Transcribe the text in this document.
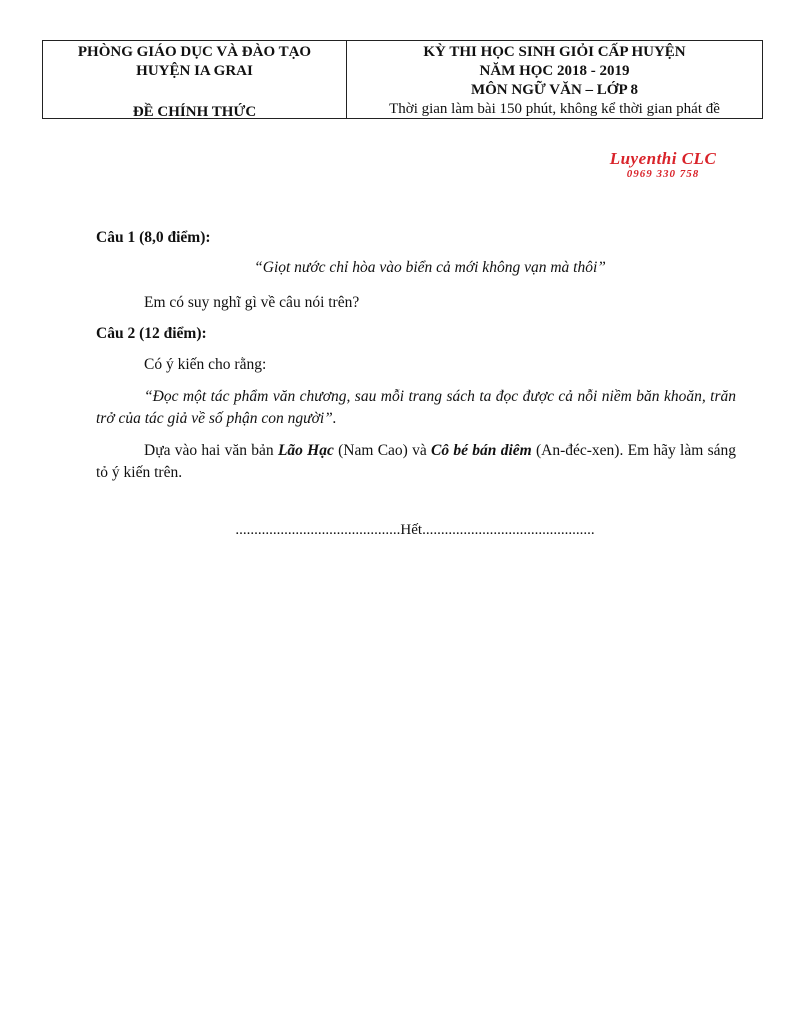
PHÒNG GIÁO DỤC VÀ ĐÀO TẠO
HUYỆN IA GRAI
ĐỀ CHÍNH THỨC
KỲ THI HỌC SINH GIỎI CẤP HUYỆN
NĂM HỌC 2018 - 2019
MÔN NGỮ VĂN – LỚP 8
Thời gian làm bài 150 phút, không kể thời gian phát đề
Luyenthi CLC
0969 330 758

Câu 1 (8,0 điểm):

“Giọt nước chỉ hòa vào biển cả mới không vạn mà thôi”

Em có suy nghĩ gì về câu nói trên?

Câu 2 (12 điểm):

Có ý kiến cho rằng:

“Đọc một tác phẩm văn chương, sau mỗi trang sách ta đọc được cả nỗi niềm băn khoăn, trăn trở của tác giả về số phận con người”.

Dựa vào hai văn bản Lão Hạc (Nam Cao) và Cô bé bán diêm (An-đéc-xen). Em hãy làm sáng tỏ ý kiến trên.

............................................Hết..............................................
